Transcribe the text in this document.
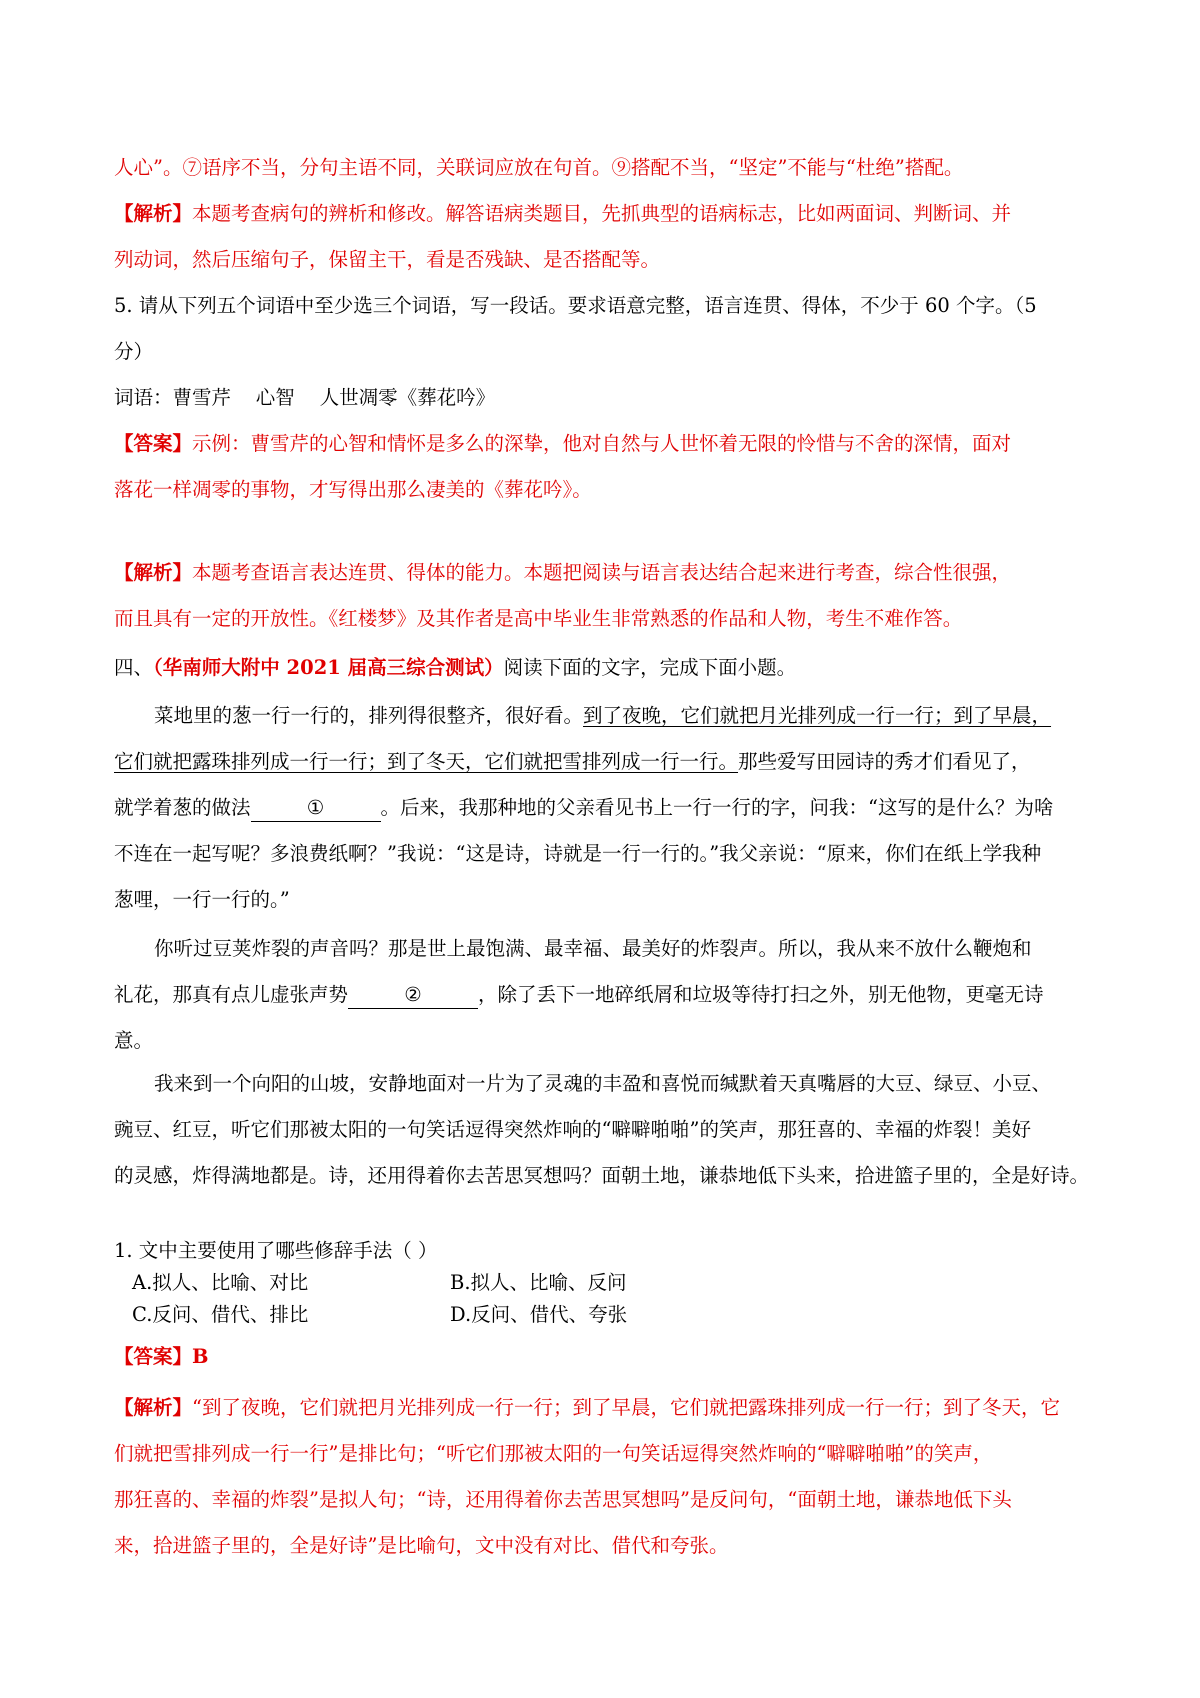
人心”。⑦语序不当，分句主语不同，关联词应放在句首。⑨搭配不当，“坚定”不能与“杜绝”搭配。
【解析】本题考查病句的辨析和修改。解答语病类题目，先抓典型的语病标志，比如两面词、判断词、并
列动词，然后压缩句子，保留主干，看是否残缺、是否搭配等。
5. 请从下列五个词语中至少选三个词语，写一段话。要求语意完整，语言连贯、得体，不少于 60 个字。（5
分）
词语：曹雪芹    心智    人世凋零《葬花吟》
【答案】示例：曹雪芹的心智和情怀是多么的深挚，他对自然与人世怀着无限的怜惜与不舍的深情，面对
落花一样凋零的事物，才写得出那么凄美的《葬花吟》。
【解析】本题考查语言表达连贯、得体的能力。本题把阅读与语言表达结合起来进行考查，综合性很强，
而且具有一定的开放性。《红楼梦》及其作者是高中毕业生非常熟悉的作品和人物，考生不难作答。
四、（华南师大附中 2021 届高三综合测试）阅读下面的文字，完成下面小题。
菜地里的葱一行一行的，排列得很整齐，很好看。到了夜晚，它们就把月光排列成一行一行；到了早晨，
它们就把露珠排列成一行一行；到了冬天，它们就把雪排列成一行一行。那些爱写田园诗的秀才们看见了，
就学着葱的做法	①	。后来，我那种地的父亲看见书上一行一行的字，问我：“这写的是什么？为啥
不连在一起写呢？多浪费纸啊？”我说：“这是诗，诗就是一行一行的。”我父亲说：“原来，你们在纸上学我种
葱哩，一行一行的。”
你听过豆荚炸裂的声音吗？那是世上最饱满、最幸福、最美好的炸裂声。所以，我从来不放什么鞭炮和
礼花，那真有点儿虚张声势	②	，除了丢下一地碎纸屑和垃圾等待打扫之外，别无他物，更毫无诗
意。
我来到一个向阳的山坡，安静地面对一片为了灵魂的丰盈和喜悦而缄默着天真嘴唇的大豆、绿豆、小豆、
豌豆、红豆，听它们那被太阳的一句笑话逗得突然炸响的“噼噼啪啪”的笑声，那狂喜的、幸福的炸裂！美好
的灵感，炸得满地都是。诗，还用得着你去苦思冥想吗？面朝土地，谦恭地低下头来，拾进篮子里的，全是好诗。
1. 文中主要使用了哪些修辞手法（ ）
A.拟人、比喻、对比	B.拟人、比喻、反问
C.反问、借代、排比	D.反问、借代、夸张
【答案】B
【解析】“到了夜晚，它们就把月光排列成一行一行；到了早晨，它们就把露珠排列成一行一行；到了冬天，它
们就把雪排列成一行一行”是排比句；“听它们那被太阳的一句笑话逗得突然炸响的“噼噼啪啪”的笑声，
那狂喜的、幸福的炸裂”是拟人句；“诗，还用得着你去苦思冥想吗”是反问句，“面朝土地，谦恭地低下头
来，拾进篮子里的，全是好诗”是比喻句，文中没有对比、借代和夸张。
